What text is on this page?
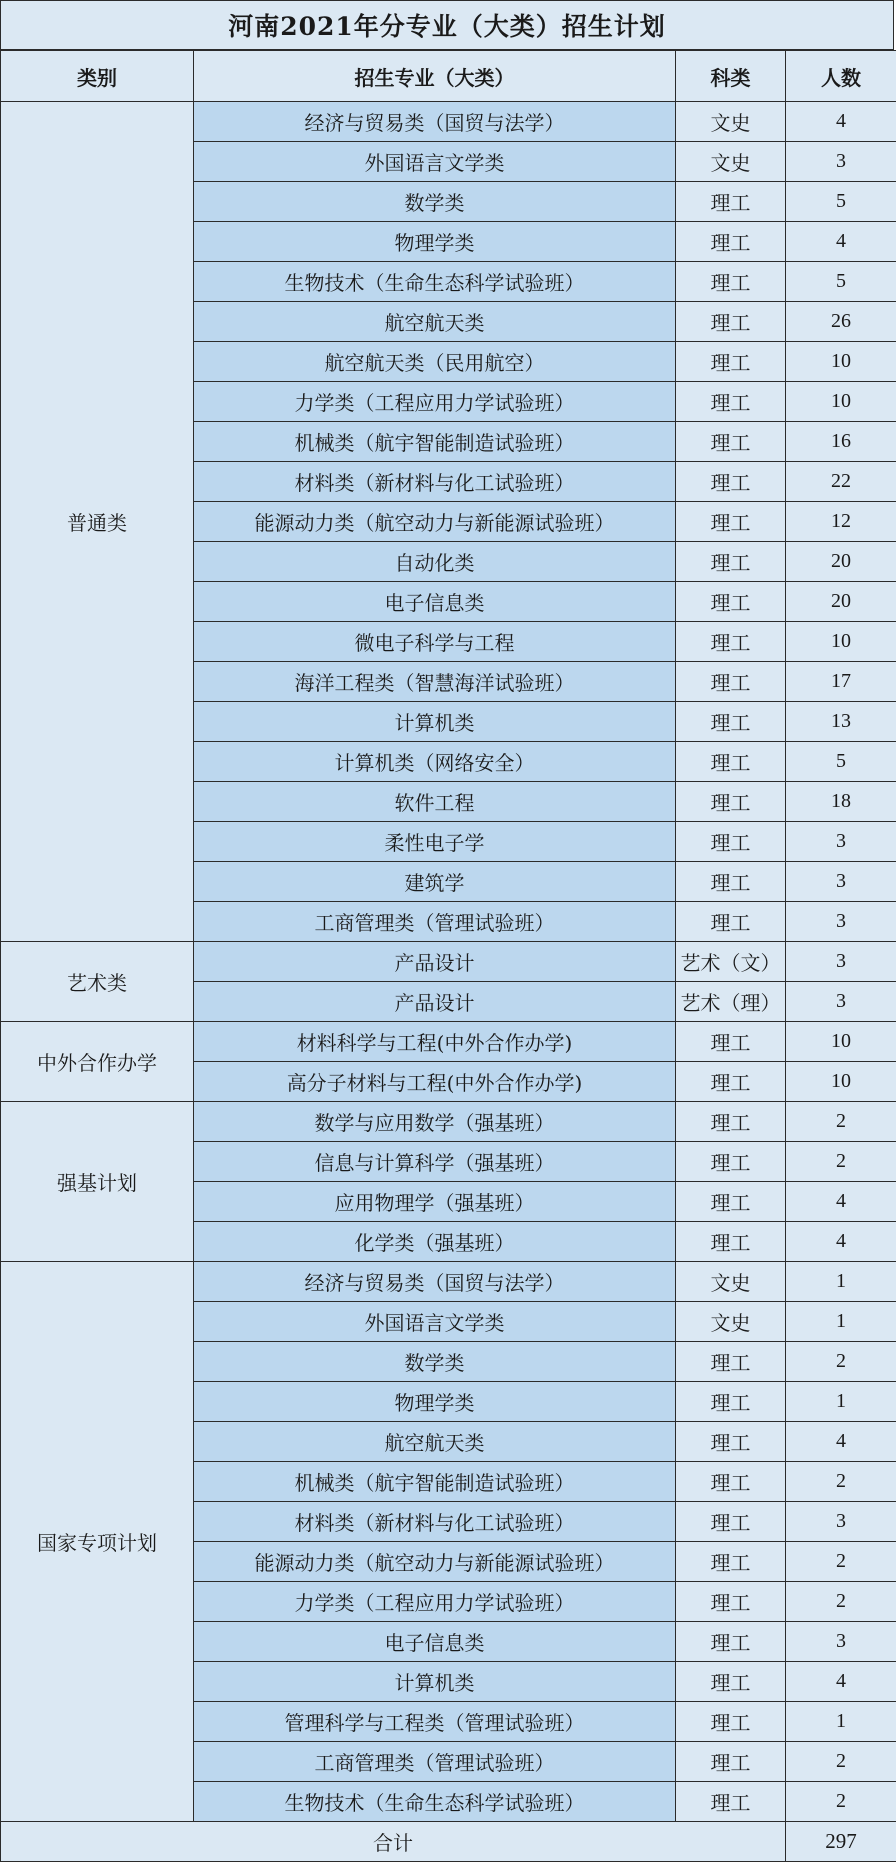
河南2021年分专业（大类）招生计划
类别	招生专业（大类）	科类	人数
普通类	经济与贸易类（国贸与法学）	文史	4
	外国语言文学类	文史	3
	数学类	理工	5
	物理学类	理工	4
	生物技术（生命生态科学试验班）	理工	5
	航空航天类	理工	26
	航空航天类（民用航空）	理工	10
	力学类（工程应用力学试验班）	理工	10
	机械类（航宇智能制造试验班）	理工	16
	材料类（新材料与化工试验班）	理工	22
	能源动力类（航空动力与新能源试验班）	理工	12
	自动化类	理工	20
	电子信息类	理工	20
	微电子科学与工程	理工	10
	海洋工程类（智慧海洋试验班）	理工	17
	计算机类	理工	13
	计算机类（网络安全）	理工	5
	软件工程	理工	18
	柔性电子学	理工	3
	建筑学	理工	3
	工商管理类（管理试验班）	理工	3
艺术类	产品设计	艺术（文）	3
	产品设计	艺术（理）	3
中外合作办学	材料科学与工程(中外合作办学)	理工	10
	高分子材料与工程(中外合作办学)	理工	10
强基计划	数学与应用数学（强基班）	理工	2
	信息与计算科学（强基班）	理工	2
	应用物理学（强基班）	理工	4
	化学类（强基班）	理工	4
国家专项计划	经济与贸易类（国贸与法学）	文史	1
	外国语言文学类	文史	1
	数学类	理工	2
	物理学类	理工	1
	航空航天类	理工	4
	机械类（航宇智能制造试验班）	理工	2
	材料类（新材料与化工试验班）	理工	3
	能源动力类（航空动力与新能源试验班）	理工	2
	力学类（工程应用力学试验班）	理工	2
	电子信息类	理工	3
	计算机类	理工	4
	管理科学与工程类（管理试验班）	理工	1
	工商管理类（管理试验班）	理工	2
	生物技术（生命生态科学试验班）	理工	2
合计			297
